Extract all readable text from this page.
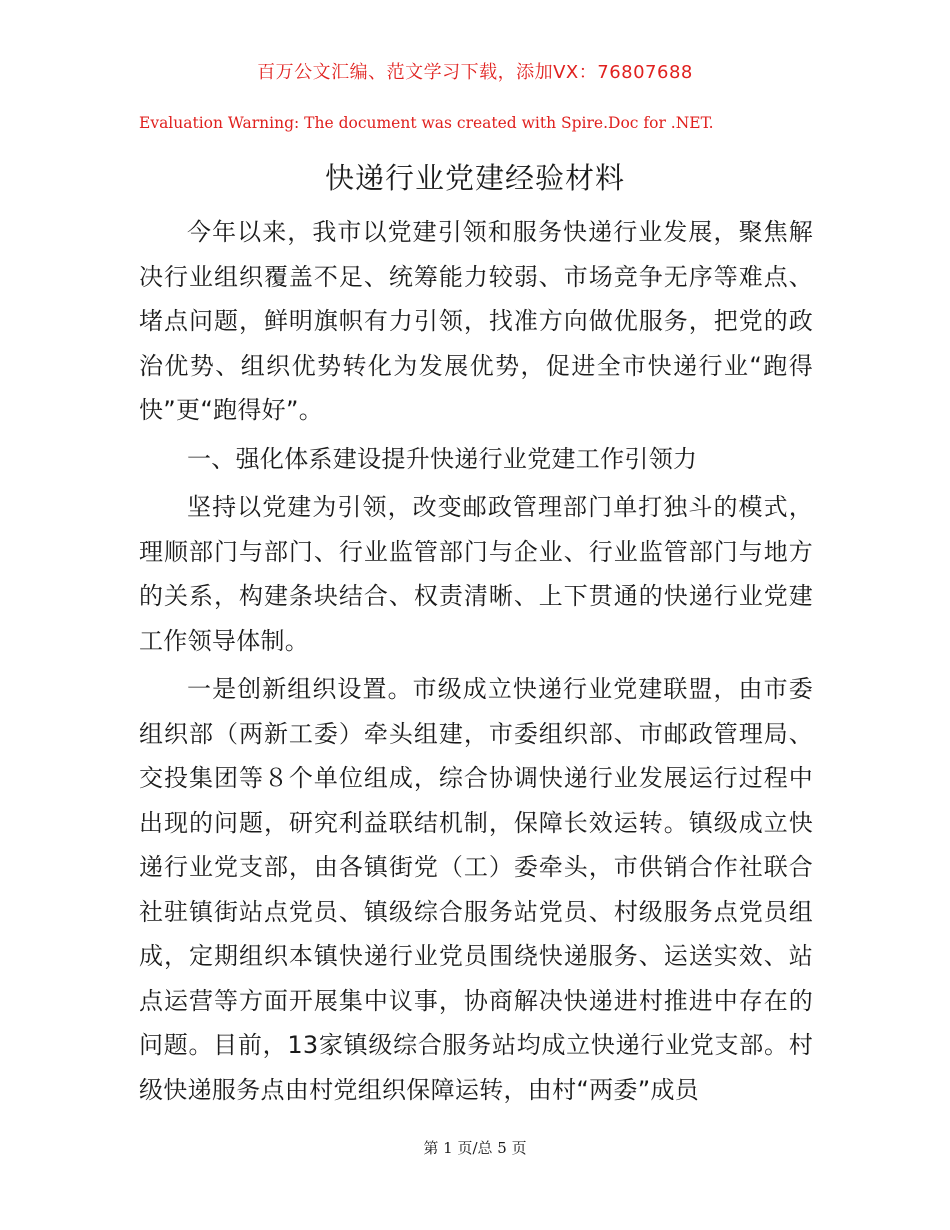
百万公文汇编、范文学习下载，添加VX：76807688
Evaluation Warning: The document was created with Spire.Doc for .NET.
快递行业党建经验材料

今年以来，我市以党建引领和服务快递行业发展，聚焦解决行业组织覆盖不足、统筹能力较弱、市场竞争无序等难点、堵点问题，鲜明旗帜有力引领，找准方向做优服务，把党的政治优势、组织优势转化为发展优势，促进全市快递行业“跑得快”更“跑得好”。

一、强化体系建设提升快递行业党建工作引领力

坚持以党建为引领，改变邮政管理部门单打独斗的模式，理顺部门与部门、行业监管部门与企业、行业监管部门与地方的关系，构建条块结合、权责清晰、上下贯通的快递行业党建工作领导体制。

一是创新组织设置。市级成立快递行业党建联盟，由市委组织部（两新工委）牵头组建，市委组织部、市邮政管理局、交投集团等８个单位组成，综合协调快递行业发展运行过程中出现的问题，研究利益联结机制，保障长效运转。镇级成立快递行业党支部，由各镇街党（工）委牵头，市供销合作社联合社驻镇街站点党员、镇级综合服务站党员、村级服务点党员组成，定期组织本镇快递行业党员围绕快递服务、运送实效、站点运营等方面开展集中议事，协商解决快递进村推进中存在的问题。目前，13家镇级综合服务站均成立快递行业党支部。村级快递服务点由村党组织保障运转，由村“两委”成员

第 1 页/总 5 页
